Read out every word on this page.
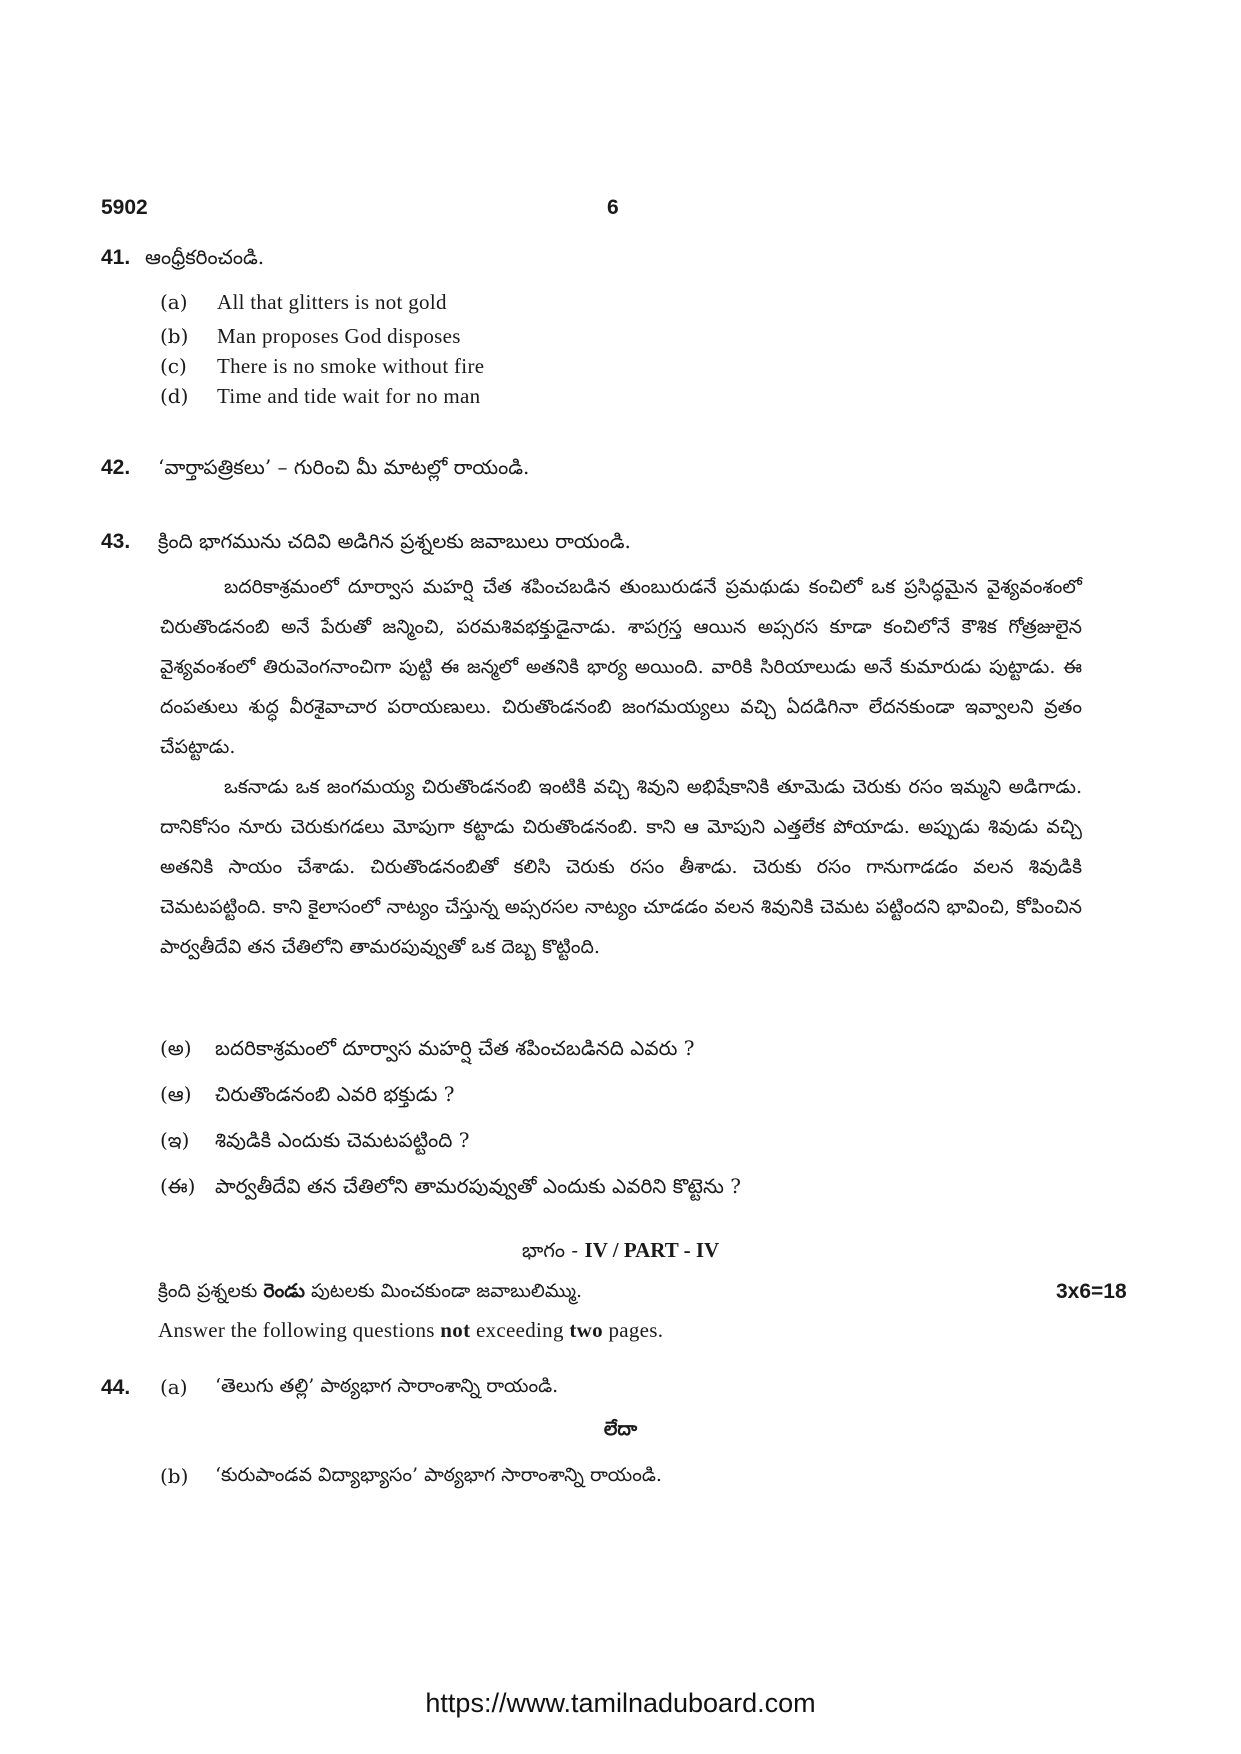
5902	6
41. ఆంధ్రీకరించండి.
(a) All that glitters is not gold
(b) Man proposes God disposes
(c) There is no smoke without fire
(d) Time and tide wait for no man
42. ‘వార్తాపత్రికలు’ – గురించి మీ మాటల్లో రాయండి.
43. క్రింది భాగమును చదివి అడిగిన ప్రశ్నలకు జవాబులు రాయండి.

బదరికాశ్రమంలో దూర్వాస మహర్షి చేత శపించబడిన తుంబురుడనే ప్రమథుడు కంచిలో ఒక ప్రసిద్ధమైన వైశ్యవంశంలో చిరుతొండనంబి అనే పేరుతో జన్మించి, పరమశివభక్తుడైనాడు. శాపగ్రస్త ఆయిన అప్సరస కూడా కంచిలోనే కౌశిక గోత్రజులైన వైశ్యవంశంలో తిరువెంగనాంచిగా పుట్టి ఈ జన్మలో అతనికి భార్య అయింది. వారికి సిరియాలుడు అనే కుమారుడు పుట్టాడు. ఈ దంపతులు శుద్ధ వీరశైవాచార పరాయణులు. చిరుతొండనంబి జంగమయ్యలు వచ్చి ఏదడిగినా లేదనకుండా ఇవ్వాలని వ్రతం చేపట్టాడు.

ఒకనాడు ఒక జంగమయ్య చిరుతొండనంబి ఇంటికి వచ్చి శివుని అభిషేకానికి తూమెడు చెరుకు రసం ఇమ్మని అడిగాడు. దానికోసం నూరు చెరుకుగడలు మోపుగా కట్టాడు చిరుతొండనంబి. కాని ఆ మోపుని ఎత్తలేక పోయాడు. అప్పుడు శివుడు వచ్చి అతనికి సాయం చేశాడు. చిరుతొండనంబితో కలిసి చెరుకు రసం తీశాడు. చెరుకు రసం గానుగాడడం వలన శివుడికి చెమటపట్టింది. కాని కైలాసంలో నాట్యం చేస్తున్న అప్సరసల నాట్యం చూడడం వలన శివునికి చెమట పట్టిందని భావించి, కోపించిన పార్వతీదేవి తన చేతిలోని తామరపువ్వుతో ఒక దెబ్బ కొట్టింది.

(అ) బదరికాశ్రమంలో దూర్వాస మహర్షి చేత శపించబడినది ఎవరు ?
(ఆ) చిరుతొండనంబి ఎవరి భక్తుడు ?
(ఇ) శివుడికి ఎందుకు చెమటపట్టింది ?
(ఈ) పార్వతీదేవి తన చేతిలోని తామరపువ్వుతో ఎందుకు ఎవరిని కొట్టెను ?
భాగం - IV / PART - IV
క్రింది ప్రశ్నలకు రెండు పుటలకు మించకుండా జవాబులిమ్ము.	3x6=18
Answer the following questions not exceeding two pages.
44. (a) ‘తెలుగు తల్లి’ పాఠ్యభాగ సారాంశాన్ని రాయండి.
లేదా
(b) ‘కురుపాండవ విద్యాభ్యాసం’ పాఠ్యభాగ సారాంశాన్ని రాయండి.
https://www.tamilnaduboard.com
